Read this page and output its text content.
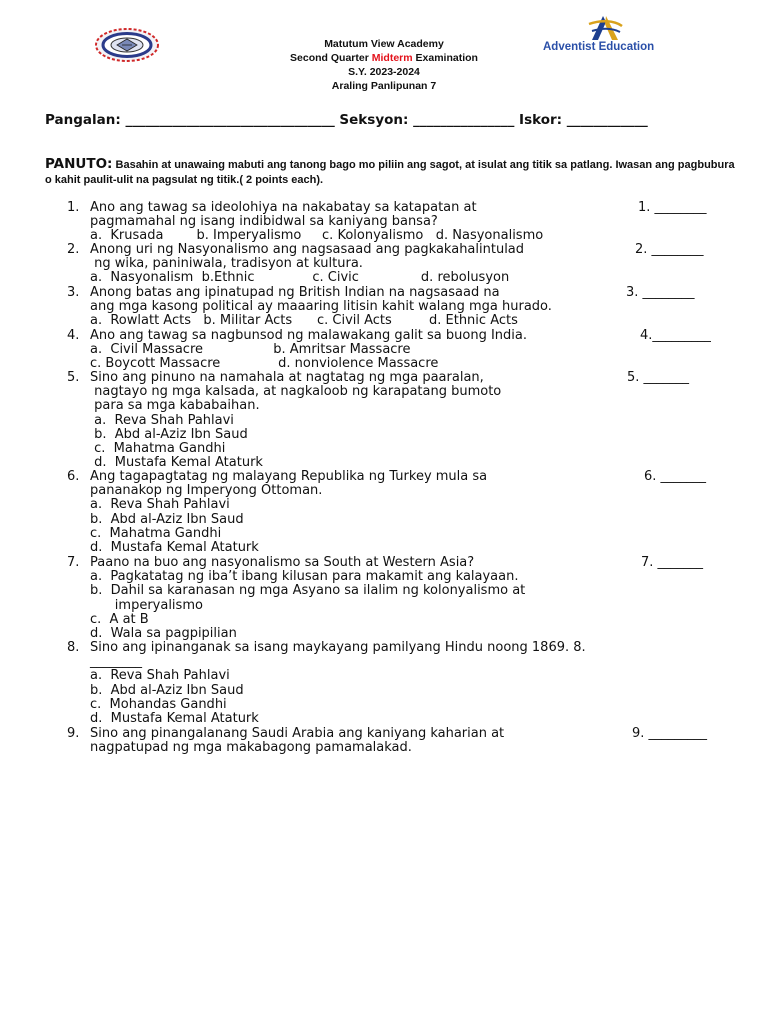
Adventist Education
Matutum View Academy
Second Quarter Midterm Examination
S.Y. 2023-2024
Araling Panlipunan 7
Pangalan: _______________________________ Seksyon: _______________ Iskor: ____________
PANUTO: Basahin at unawaing mabuti ang tanong bago mo piliin ang sagot, at isulat ang titik sa patlang. Iwasan ang pagbubura o kahit paulit-ulit na pagsulat ng titik.( 2 points each).
1. Ano ang tawag sa ideolohiya na nakabatay sa katapatan at
pagmamahal ng isang indibidwal sa kaniyang bansa?
a.  Krusada        b. Imperyalismo     c. Kolonyalismo   d. Nasyonalismo
1. ________
2. Anong uri ng Nasyonalismo ang nagsasaad ang pagkakahalintulad
ng wika, paniniwala, tradisyon at kultura.
a.  Nasyonalism  b.Ethnic              c. Civic               d. rebolusyon
2. ________
3. Anong batas ang ipinatupad ng British Indian na nagsasaad na
ang mga kasong political ay maaaring litisin kahit walang mga hurado.
a.  Rowlatt Acts   b. Militar Acts      c. Civil Acts         d. Ethnic Acts
3. ________
4. Ano ang tawag sa nagbunsod ng malawakang galit sa buong India.
a.  Civil Massacre                 b. Amritsar Massacre
c. Boycott Massacre              d. nonviolence Massacre
4._________
5. Sino ang pinuno na namahala at nagtatag ng mga paaralan,
nagtayo ng mga kalsada, at nagkaloob ng karapatang bumoto
para sa mga kababaihan.
a.  Reva Shah Pahlavi
b.  Abd al-Aziz Ibn Saud
c.  Mahatma Gandhi
d.  Mustafa Kemal Ataturk
5. _______
6. Ang tagapagtatag ng malayang Republika ng Turkey mula sa
pananakop ng Imperyong Ottoman.
a.  Reva Shah Pahlavi
b.  Abd al-Aziz Ibn Saud
c.  Mahatma Gandhi
d.  Mustafa Kemal Ataturk
6. _______
7. Paano na buo ang nasyonalismo sa South at Western Asia?
a.  Pagkatatag ng iba’t ibang kilusan para makamit ang kalayaan.
b.  Dahil sa karanasan ng mga Asyano sa ilalim ng kolonyalismo at
imperyalismo
c.  A at B
d.  Wala sa pagpipilian
7. _______
8. Sino ang ipinanganak sa isang maykayang pamilyang Hindu noong 1869. 8.
________
a.  Reva Shah Pahlavi
b.  Abd al-Aziz Ibn Saud
c.  Mohandas Gandhi
d.  Mustafa Kemal Ataturk
9. Sino ang pinangalanang Saudi Arabia ang kaniyang kaharian at
nagpatupad ng mga makabagong pamamalakad.
9. _________
